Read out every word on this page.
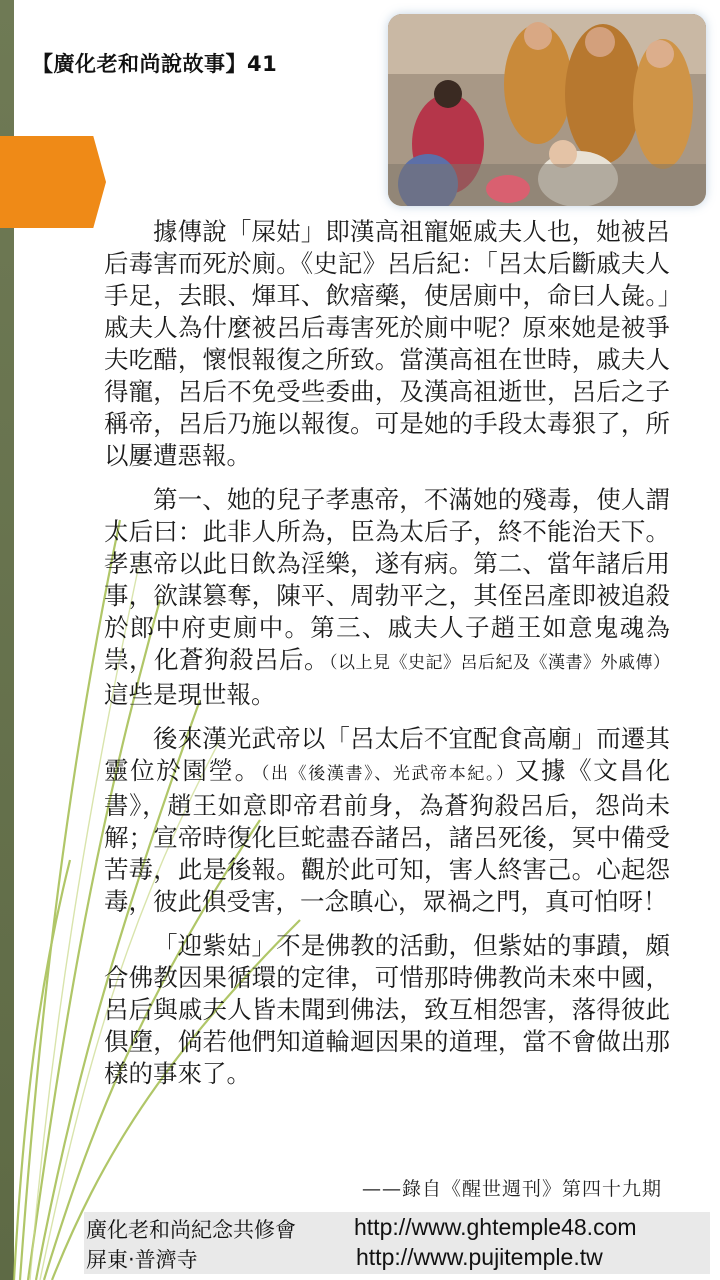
【廣化老和尚說故事】41

據傳說「屎姑」即漢高祖寵姬戚夫人也，她被呂后毒害而死於廁。《史記》呂后紀：「呂太后斷戚夫人手足，去眼、煇耳、飲瘖藥，使居廁中，命曰人彘。」戚夫人為什麼被呂后毒害死於廁中呢？原來她是被爭夫吃醋，懷恨報復之所致。當漢高祖在世時，戚夫人得寵，呂后不免受些委曲，及漢高祖逝世，呂后之子稱帝，呂后乃施以報復。可是她的手段太毒狠了，所以屢遭惡報。

第一、她的兒子孝惠帝，不滿她的殘毒，使人謂太后曰：此非人所為，臣為太后子，終不能治天下。孝惠帝以此日飲為淫樂，遂有病。第二、當年諸后用事，欲謀篡奪，陳平、周勃平之，其侄呂產即被追殺於郎中府吏廁中。第三、戚夫人子趙王如意鬼魂為祟，化蒼狗殺呂后。（以上見《史記》呂后紀及《漢書》外戚傳）這些是現世報。

後來漢光武帝以「呂太后不宜配食高廟」而遷其靈位於園塋。（出《後漢書》、光武帝本紀。）又據《文昌化書》，趙王如意即帝君前身，為蒼狗殺呂后，怨尚未解；宣帝時復化巨蛇盡吞諸呂，諸呂死後，冥中備受苦毒，此是後報。觀於此可知，害人終害己。心起怨毒，彼此俱受害，一念瞋心，眾禍之門，真可怕呀！

「迎紫姑」不是佛教的活動，但紫姑的事蹟，頗合佛教因果循環的定律，可惜那時佛教尚未來中國，呂后與戚夫人皆未聞到佛法，致互相怨害，落得彼此俱墮，倘若他們知道輪迴因果的道理，當不會做出那樣的事來了。

——錄自《醒世週刊》第四十九期
廣化老和尚紀念共修會
屏東‧普濟寺
http://www.ghtemple48.com
http://www.pujitemple.tw
